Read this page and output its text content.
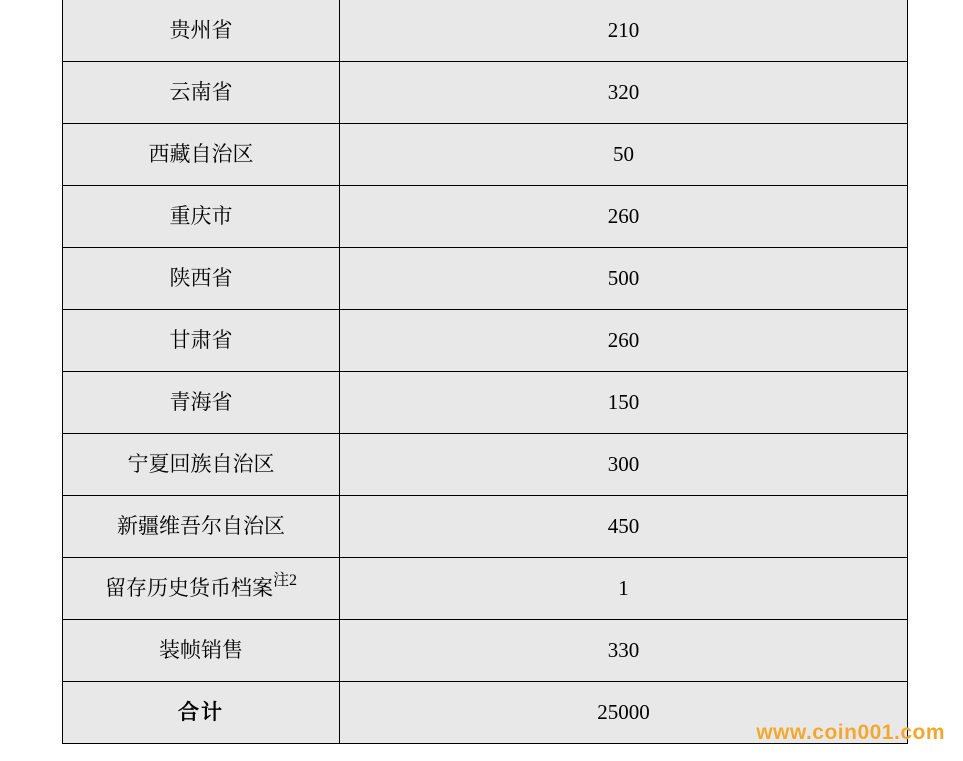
贵州省	210
云南省	320
西藏自治区	50
重庆市	260
陕西省	500
甘肃省	260
青海省	150
宁夏回族自治区	300
新疆维吾尔自治区	450
留存历史货币档案$^{注2}$	1
装帧销售	330
合计	25000
www.coin001.com
